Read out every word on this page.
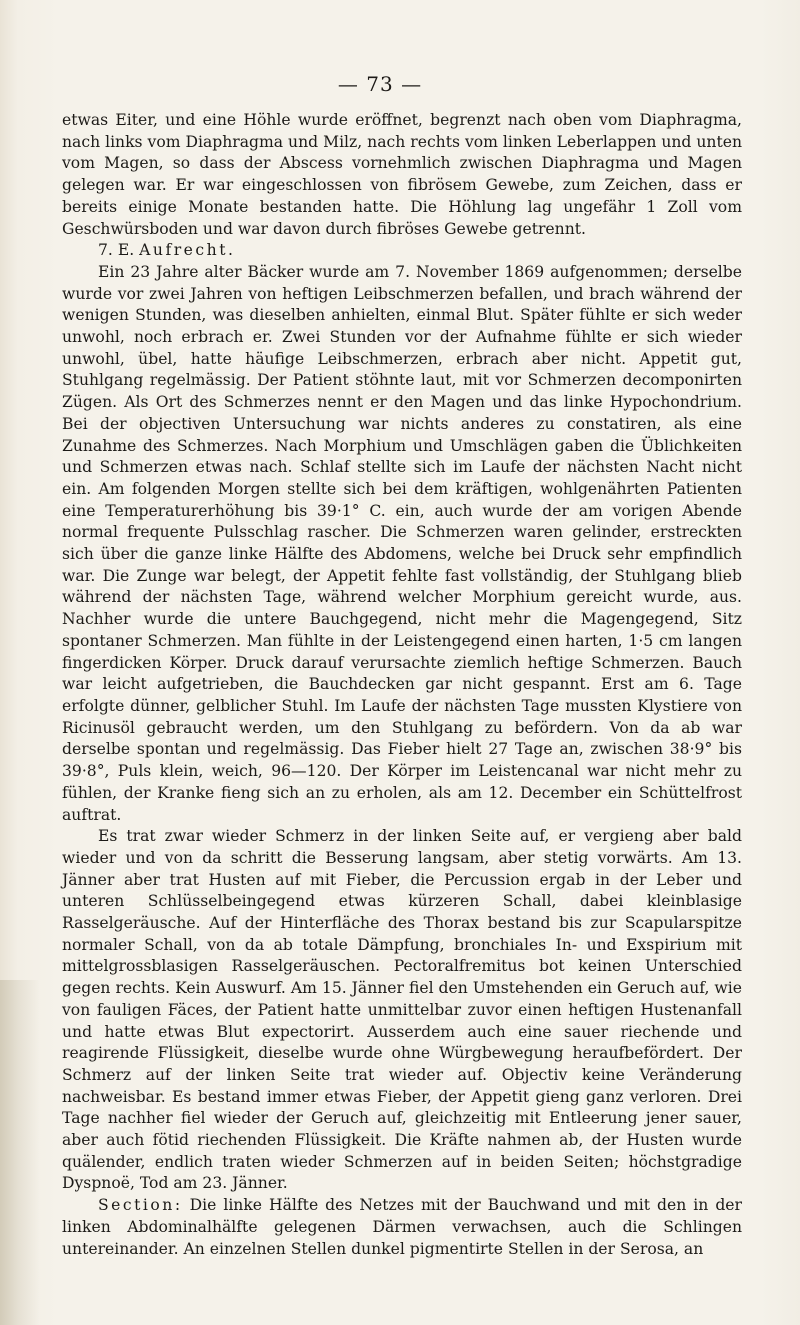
— 73 —

etwas Eiter, und eine Höhle wurde eröffnet, begrenzt nach oben vom Diaphragma, nach links vom Diaphragma und Milz, nach rechts vom linken Leberlappen und unten vom Magen, so dass der Abscess vornehmlich zwischen Diaphragma und Magen gelegen war. Er war eingeschlossen von fibrösem Gewebe, zum Zeichen, dass er bereits einige Monate bestanden hatte. Die Höhlung lag ungefähr 1 Zoll vom Geschwürsboden und war davon durch fibröses Gewebe getrennt.

7. E. Aufrecht.

Ein 23 Jahre alter Bäcker wurde am 7. November 1869 aufgenommen; derselbe wurde vor zwei Jahren von heftigen Leibschmerzen befallen, und brach während der wenigen Stunden, was dieselben anhielten, einmal Blut. Später fühlte er sich weder unwohl, noch erbrach er. Zwei Stunden vor der Aufnahme fühlte er sich wieder unwohl, übel, hatte häufige Leibschmerzen, erbrach aber nicht. Appetit gut, Stuhlgang regelmässig. Der Patient stöhnte laut, mit vor Schmerzen decomponirten Zügen. Als Ort des Schmerzes nennt er den Magen und das linke Hypochondrium. Bei der objectiven Untersuchung war nichts anderes zu constatiren, als eine Zunahme des Schmerzes. Nach Morphium und Umschlägen gaben die Üblichkeiten und Schmerzen etwas nach. Schlaf stellte sich im Laufe der nächsten Nacht nicht ein. Am folgenden Morgen stellte sich bei dem kräftigen, wohlgenährten Patienten eine Temperaturerhöhung bis 39·1° C. ein, auch wurde der am vorigen Abende normal frequente Pulsschlag rascher. Die Schmerzen waren gelinder, erstreckten sich über die ganze linke Hälfte des Abdomens, welche bei Druck sehr empfindlich war. Die Zunge war belegt, der Appetit fehlte fast vollständig, der Stuhlgang blieb während der nächsten Tage, während welcher Morphium gereicht wurde, aus. Nachher wurde die untere Bauchgegend, nicht mehr die Magengegend, Sitz spontaner Schmerzen. Man fühlte in der Leistengegend einen harten, 1·5 cm langen fingerdicken Körper. Druck darauf verursachte ziemlich heftige Schmerzen. Bauch war leicht aufgetrieben, die Bauchdecken gar nicht gespannt. Erst am 6. Tage erfolgte dünner, gelblicher Stuhl. Im Laufe der nächsten Tage mussten Klystiere von Ricinusöl gebraucht werden, um den Stuhlgang zu befördern. Von da ab war derselbe spontan und regelmässig. Das Fieber hielt 27 Tage an, zwischen 38·9° bis 39·8°, Puls klein, weich, 96—120. Der Körper im Leistencanal war nicht mehr zu fühlen, der Kranke fieng sich an zu erholen, als am 12. December ein Schüttelfrost auftrat.

Es trat zwar wieder Schmerz in der linken Seite auf, er vergieng aber bald wieder und von da schritt die Besserung langsam, aber stetig vorwärts. Am 13. Jänner aber trat Husten auf mit Fieber, die Percussion ergab in der Leber und unteren Schlüsselbeingegend etwas kürzeren Schall, dabei kleinblasige Rasselgeräusche. Auf der Hinterfläche des Thorax bestand bis zur Scapularspitze normaler Schall, von da ab totale Dämpfung, bronchiales In- und Exspirium mit mittelgrossblasigen Rasselgeräuschen. Pectoralfremitus bot keinen Unterschied gegen rechts. Kein Auswurf. Am 15. Jänner fiel den Umstehenden ein Geruch auf, wie von fauligen Fäces, der Patient hatte unmittelbar zuvor einen heftigen Hustenanfall und hatte etwas Blut expectorirt. Ausserdem auch eine sauer riechende und reagirende Flüssigkeit, dieselbe wurde ohne Würgbewegung heraufbefördert. Der Schmerz auf der linken Seite trat wieder auf. Objectiv keine Veränderung nachweisbar. Es bestand immer etwas Fieber, der Appetit gieng ganz verloren. Drei Tage nachher fiel wieder der Geruch auf, gleichzeitig mit Entleerung jener sauer, aber auch fötid riechenden Flüssigkeit. Die Kräfte nahmen ab, der Husten wurde quälender, endlich traten wieder Schmerzen auf in beiden Seiten; höchstgradige Dyspnoë, Tod am 23. Jänner.

Section: Die linke Hälfte des Netzes mit der Bauchwand und mit den in der linken Abdominalhälfte gelegenen Därmen verwachsen, auch die Schlingen untereinander. An einzelnen Stellen dunkel pigmentirte Stellen in der Serosa, an
